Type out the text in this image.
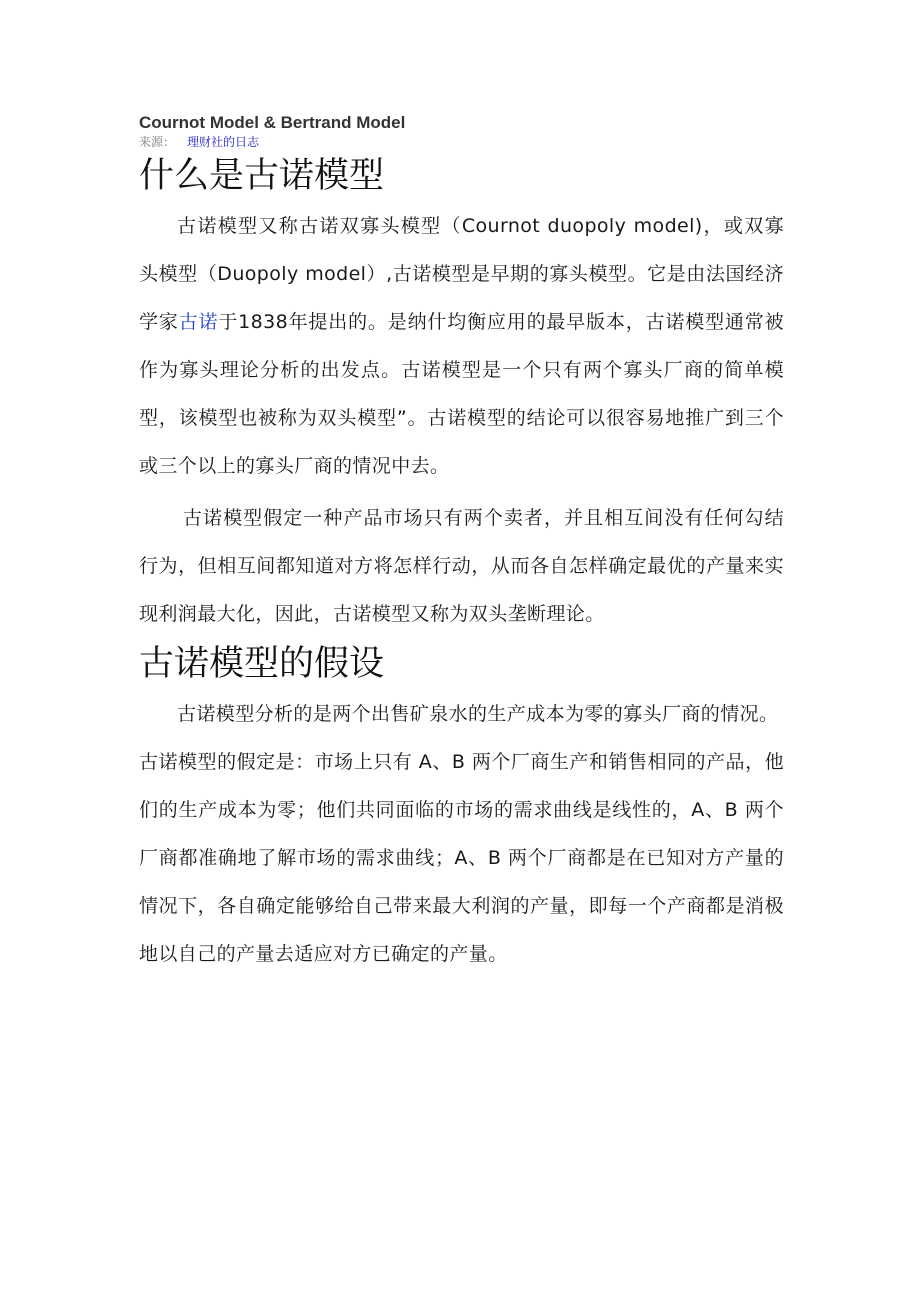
Cournot Model & Bertrand Model

来源： 理财社的日志

什么是古诺模型

古诺模型又称古诺双寡头模型（Cournot duopoly model)，或双寡头模型（Duopoly model）,古诺模型是早期的寡头模型。它是由法国经济学家古诺于1838年提出的。是纳什均衡应用的最早版本，古诺模型通常被作为寡头理论分析的出发点。古诺模型是一个只有两个寡头厂商的简单模型，该模型也被称为双头模型”。古诺模型的结论可以很容易地推广到三个或三个以上的寡头厂商的情况中去。

古诺模型假定一种产品市场只有两个卖者，并且相互间没有任何勾结行为，但相互间都知道对方将怎样行动，从而各自怎样确定最优的产量来实现利润最大化，因此，古诺模型又称为双头垄断理论。

古诺模型的假设

古诺模型分析的是两个出售矿泉水的生产成本为零的寡头厂商的情况。

古诺模型的假定是：市场上只有 A、B 两个厂商生产和销售相同的产品，他们的生产成本为零；他们共同面临的市场的需求曲线是线性的，A、B 两个厂商都准确地了解市场的需求曲线；A、B 两个厂商都是在已知对方产量的情况下，各自确定能够给自己带来最大利润的产量，即每一个产商都是消极地以自己的产量去适应对方已确定的产量。
